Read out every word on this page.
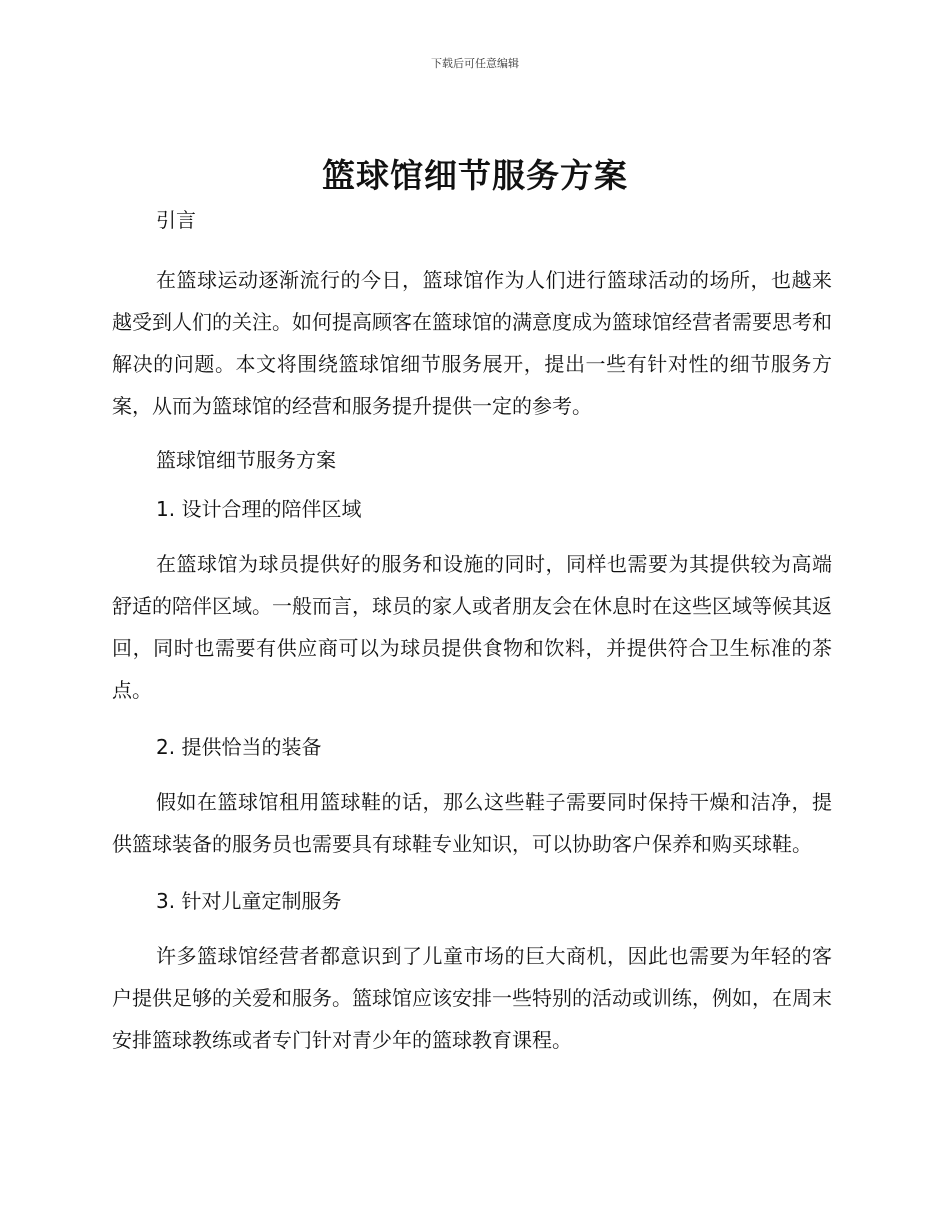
下载后可任意编辑
篮球馆细节服务方案
引言

在篮球运动逐渐流行的今日，篮球馆作为人们进行篮球活动的场所，也越来越受到人们的关注。如何提高顾客在篮球馆的满意度成为篮球馆经营者需要思考和解决的问题。本文将围绕篮球馆细节服务展开，提出一些有针对性的细节服务方案，从而为篮球馆的经营和服务提升提供一定的参考。

篮球馆细节服务方案
1. 设计合理的陪伴区域

在篮球馆为球员提供好的服务和设施的同时，同样也需要为其提供较为高端舒适的陪伴区域。一般而言，球员的家人或者朋友会在休息时在这些区域等候其返回，同时也需要有供应商可以为球员提供食物和饮料，并提供符合卫生标准的茶点。

2. 提供恰当的装备

假如在篮球馆租用篮球鞋的话，那么这些鞋子需要同时保持干燥和洁净，提供篮球装备的服务员也需要具有球鞋专业知识，可以协助客户保养和购买球鞋。

3. 针对儿童定制服务

许多篮球馆经营者都意识到了儿童市场的巨大商机，因此也需要为年轻的客户提供足够的关爱和服务。篮球馆应该安排一些特别的活动或训练，例如，在周末安排篮球教练或者专门针对青少年的篮球教育课程。
